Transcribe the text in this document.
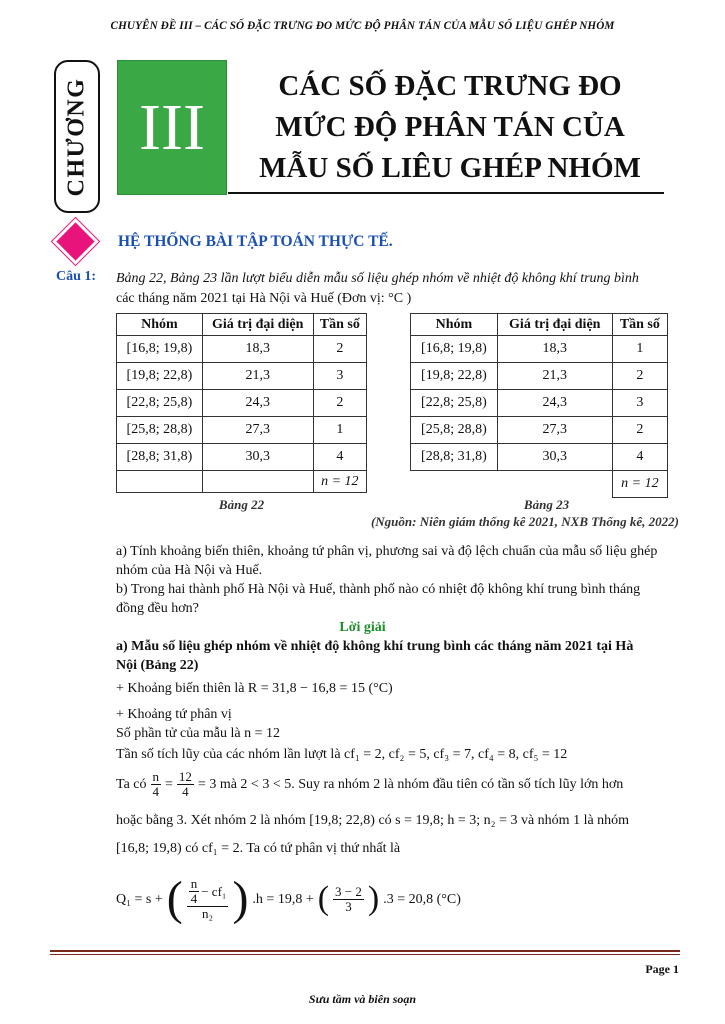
CHUYÊN ĐỀ III – CÁC SỐ ĐẶC TRƯNG ĐO MỨC ĐỘ PHÂN TÁN CỦA MẪU SỐ LIỆU GHÉP NHÓM
CHƯƠNG III
CÁC SỐ ĐẶC TRƯNG ĐO
MỨC ĐỘ PHÂN TÁN CỦA
MẪU SỐ LIÊU GHÉP NHÓM
HỆ THỐNG BÀI TẬP TOÁN THỰC TẾ.
Câu 1: Bảng 22, Bảng 23 lần lượt biểu diễn mẫu số liệu ghép nhóm về nhiệt độ không khí trung bình
các tháng năm 2021 tại Hà Nội và Huế (Đơn vị: °C )
Nhóm	Giá trị đại diện	Tần số
[16,8; 19,8)	18,3	2
[19,8; 22,8)	21,3	3
[22,8; 25,8)	24,3	2
[25,8; 28,8)	27,3	1
[28,8; 31,8)	30,3	4
		n = 12
Bảng 22
Nhóm	Giá trị đại diện	Tần số
[16,8; 19,8)	18,3	1
[19,8; 22,8)	21,3	2
[22,8; 25,8)	24,3	3
[25,8; 28,8)	27,3	2
[28,8; 31,8)	30,3	4
		n = 12
Bảng 23
(Nguồn: Niên giám thống kê 2021, NXB Thống kê, 2022)
a) Tính khoảng biến thiên, khoảng tứ phân vị, phương sai và độ lệch chuẩn của mẫu số liệu ghép
nhóm của Hà Nội và Huế.
b) Trong hai thành phố Hà Nội và Huế, thành phố nào có nhiệt độ không khí trung bình tháng
đồng đều hơn?
Lời giải
a) Mẫu số liệu ghép nhóm về nhiệt độ không khí trung bình các tháng năm 2021 tại Hà
Nội (Bảng 22)
+ Khoảng biến thiên là R = 31,8 − 16,8 = 15 (°C)
+ Khoảng tứ phân vị
Số phần tử của mẫu là n = 12
Tần số tích lũy của các nhóm lần lượt là cf₁ = 2, cf₂ = 5, cf₃ = 7, cf₄ = 8, cf₅ = 12
Ta có $\frac{n}{4} = \frac{12}{4} = 3$ mà 2 < 3 < 5. Suy ra nhóm 2 là nhóm đầu tiên có tần số tích lũy lớn hơn
hoặc bằng 3. Xét nhóm 2 là nhóm [19,8; 22,8) có s = 19,8; h = 3; n₂ = 3 và nhóm 1 là nhóm
[16,8; 19,8) có cf₁ = 2. Ta có tứ phân vị thứ nhất là
Q₁ = s + ( $\frac{\frac{n}{4} - cf_1}{\text{n₂}}$ ) .h = 19,8 + ( $\frac{3 - 2}{3}$ ) .3 = 20,8 (°C)
Page 1
Sưu tầm và biên soạn
